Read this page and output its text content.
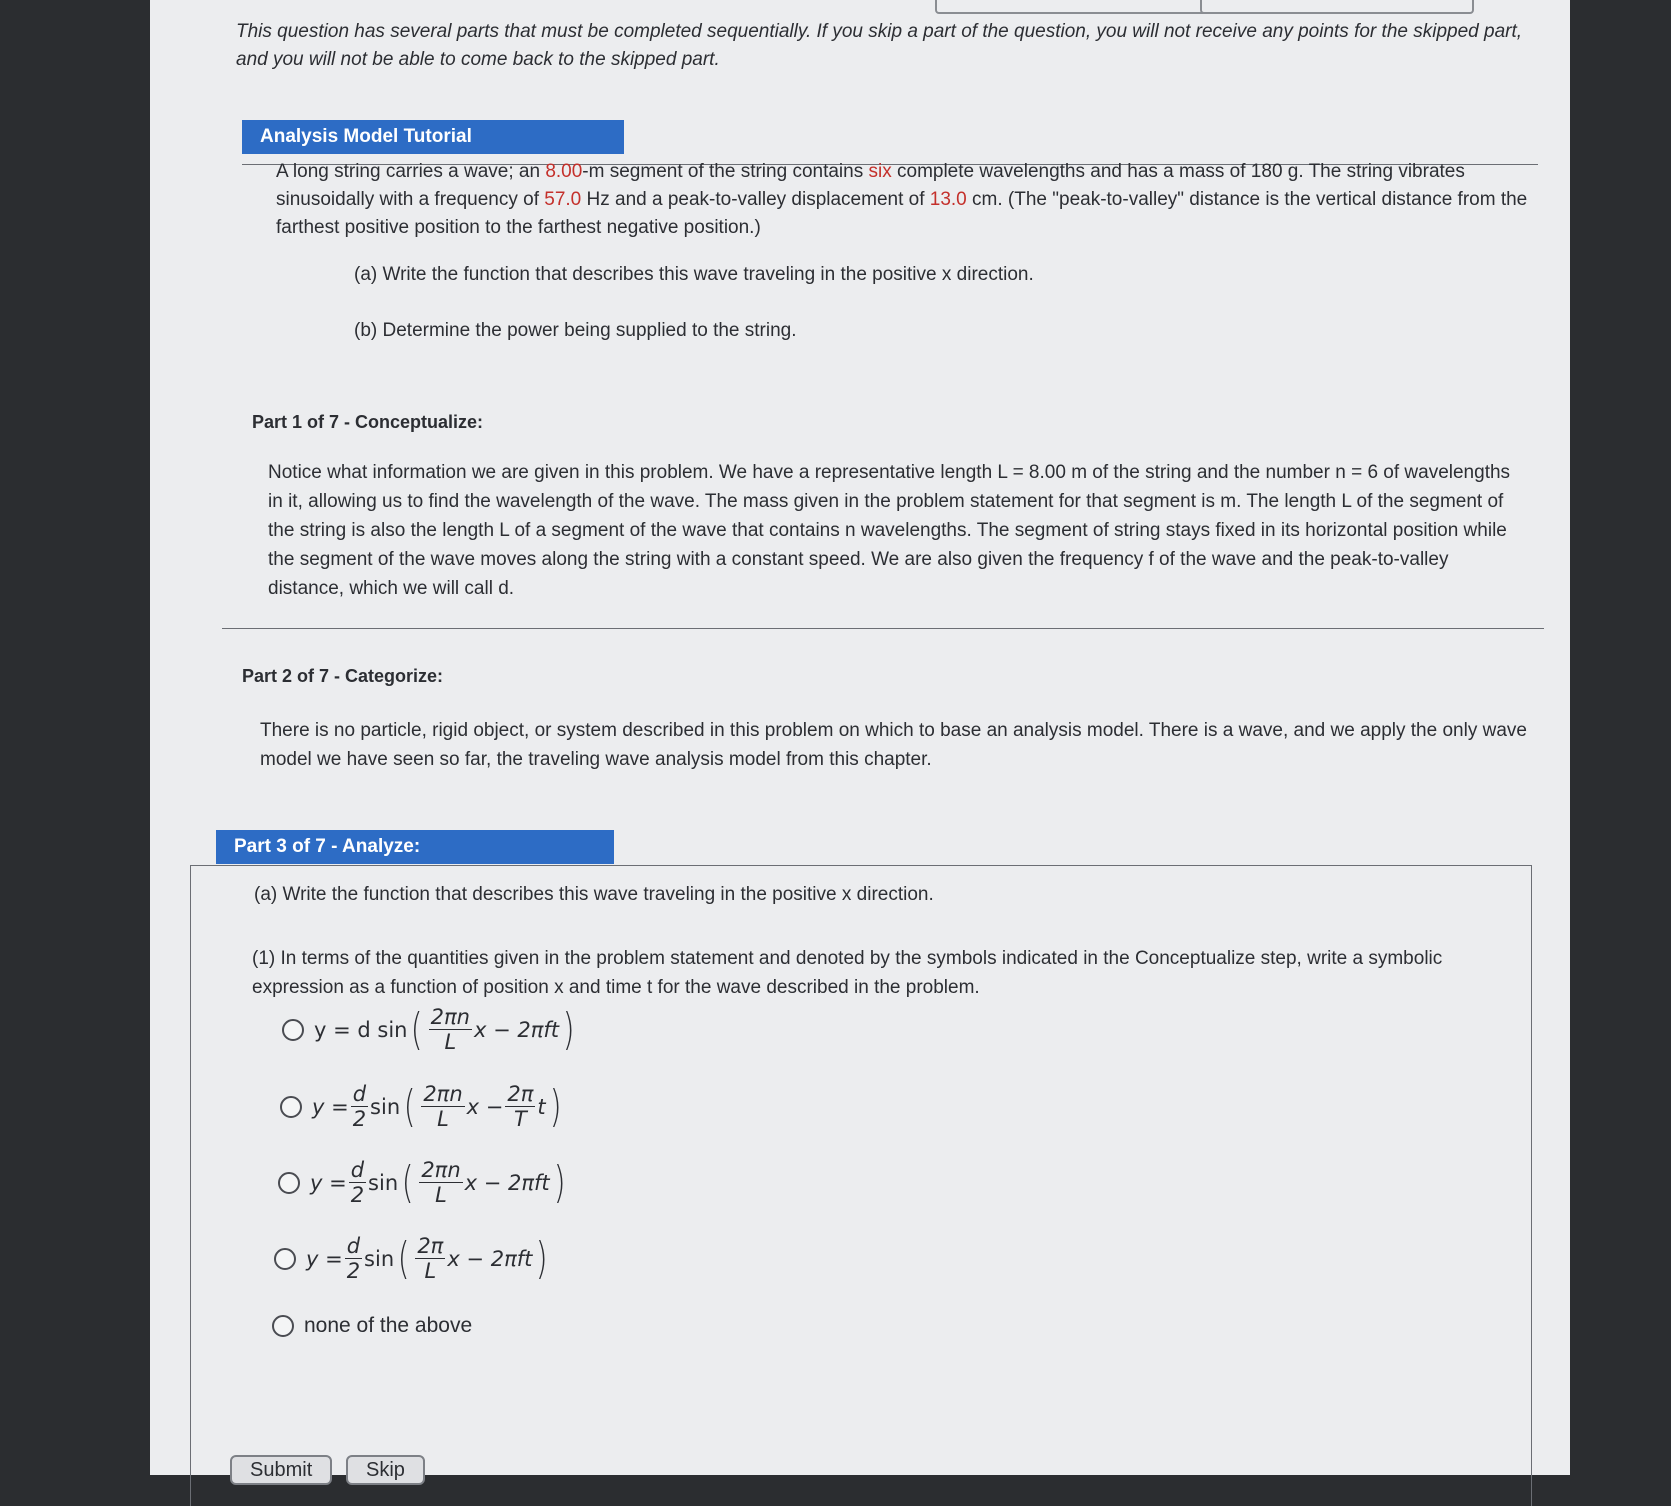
This question has several parts that must be completed sequentially. If you skip a part of the question, you will not receive any points for the skipped part, and you will not be able to come back to the skipped part.
Analysis Model Tutorial
A long string carries a wave; an 8.00-m segment of the string contains six complete wavelengths and has a mass of 180 g. The string vibrates sinusoidally with a frequency of 57.0 Hz and a peak-to-valley displacement of 13.0 cm. (The "peak-to-valley" distance is the vertical distance from the farthest positive position to the farthest negative position.)
(a) Write the function that describes this wave traveling in the positive x direction.
(b) Determine the power being supplied to the string.
Part 1 of 7 - Conceptualize:
Notice what information we are given in this problem. We have a representative length L = 8.00 m of the string and the number n = 6 of wavelengths in it, allowing us to find the wavelength of the wave. The mass given in the problem statement for that segment is m. The length L of the segment of the string is also the length L of a segment of the wave that contains n wavelengths. The segment of string stays fixed in its horizontal position while the segment of the wave moves along the string with a constant speed. We are also given the frequency f of the wave and the peak-to-valley distance, which we will call d.
Part 2 of 7 - Categorize:
There is no particle, rigid object, or system described in this problem on which to base an analysis model. There is a wave, and we apply the only wave model we have seen so far, the traveling wave analysis model from this chapter.
Part 3 of 7 - Analyze:
(a) Write the function that describes this wave traveling in the positive x direction.
(1) In terms of the quantities given in the problem statement and denoted by the symbols indicated in the Conceptualize step, write a symbolic expression as a function of position x and time t for the wave described in the problem.
y = d sin ( $\frac{2\pi n}{L}$ x − 2πft )
$y = \frac{d}{2}$ sin ( $\frac{2\pi n}{L}$ $x - \frac{2\pi}{T}$ t )
$y = \frac{d}{2}$ sin ( $\frac{2\pi n}{L}$ x − 2πft )
$y = \frac{d}{2}$ sin ( $\frac{2\pi}{L}$ x − 2πft )
none of the above
Submit	Skip
